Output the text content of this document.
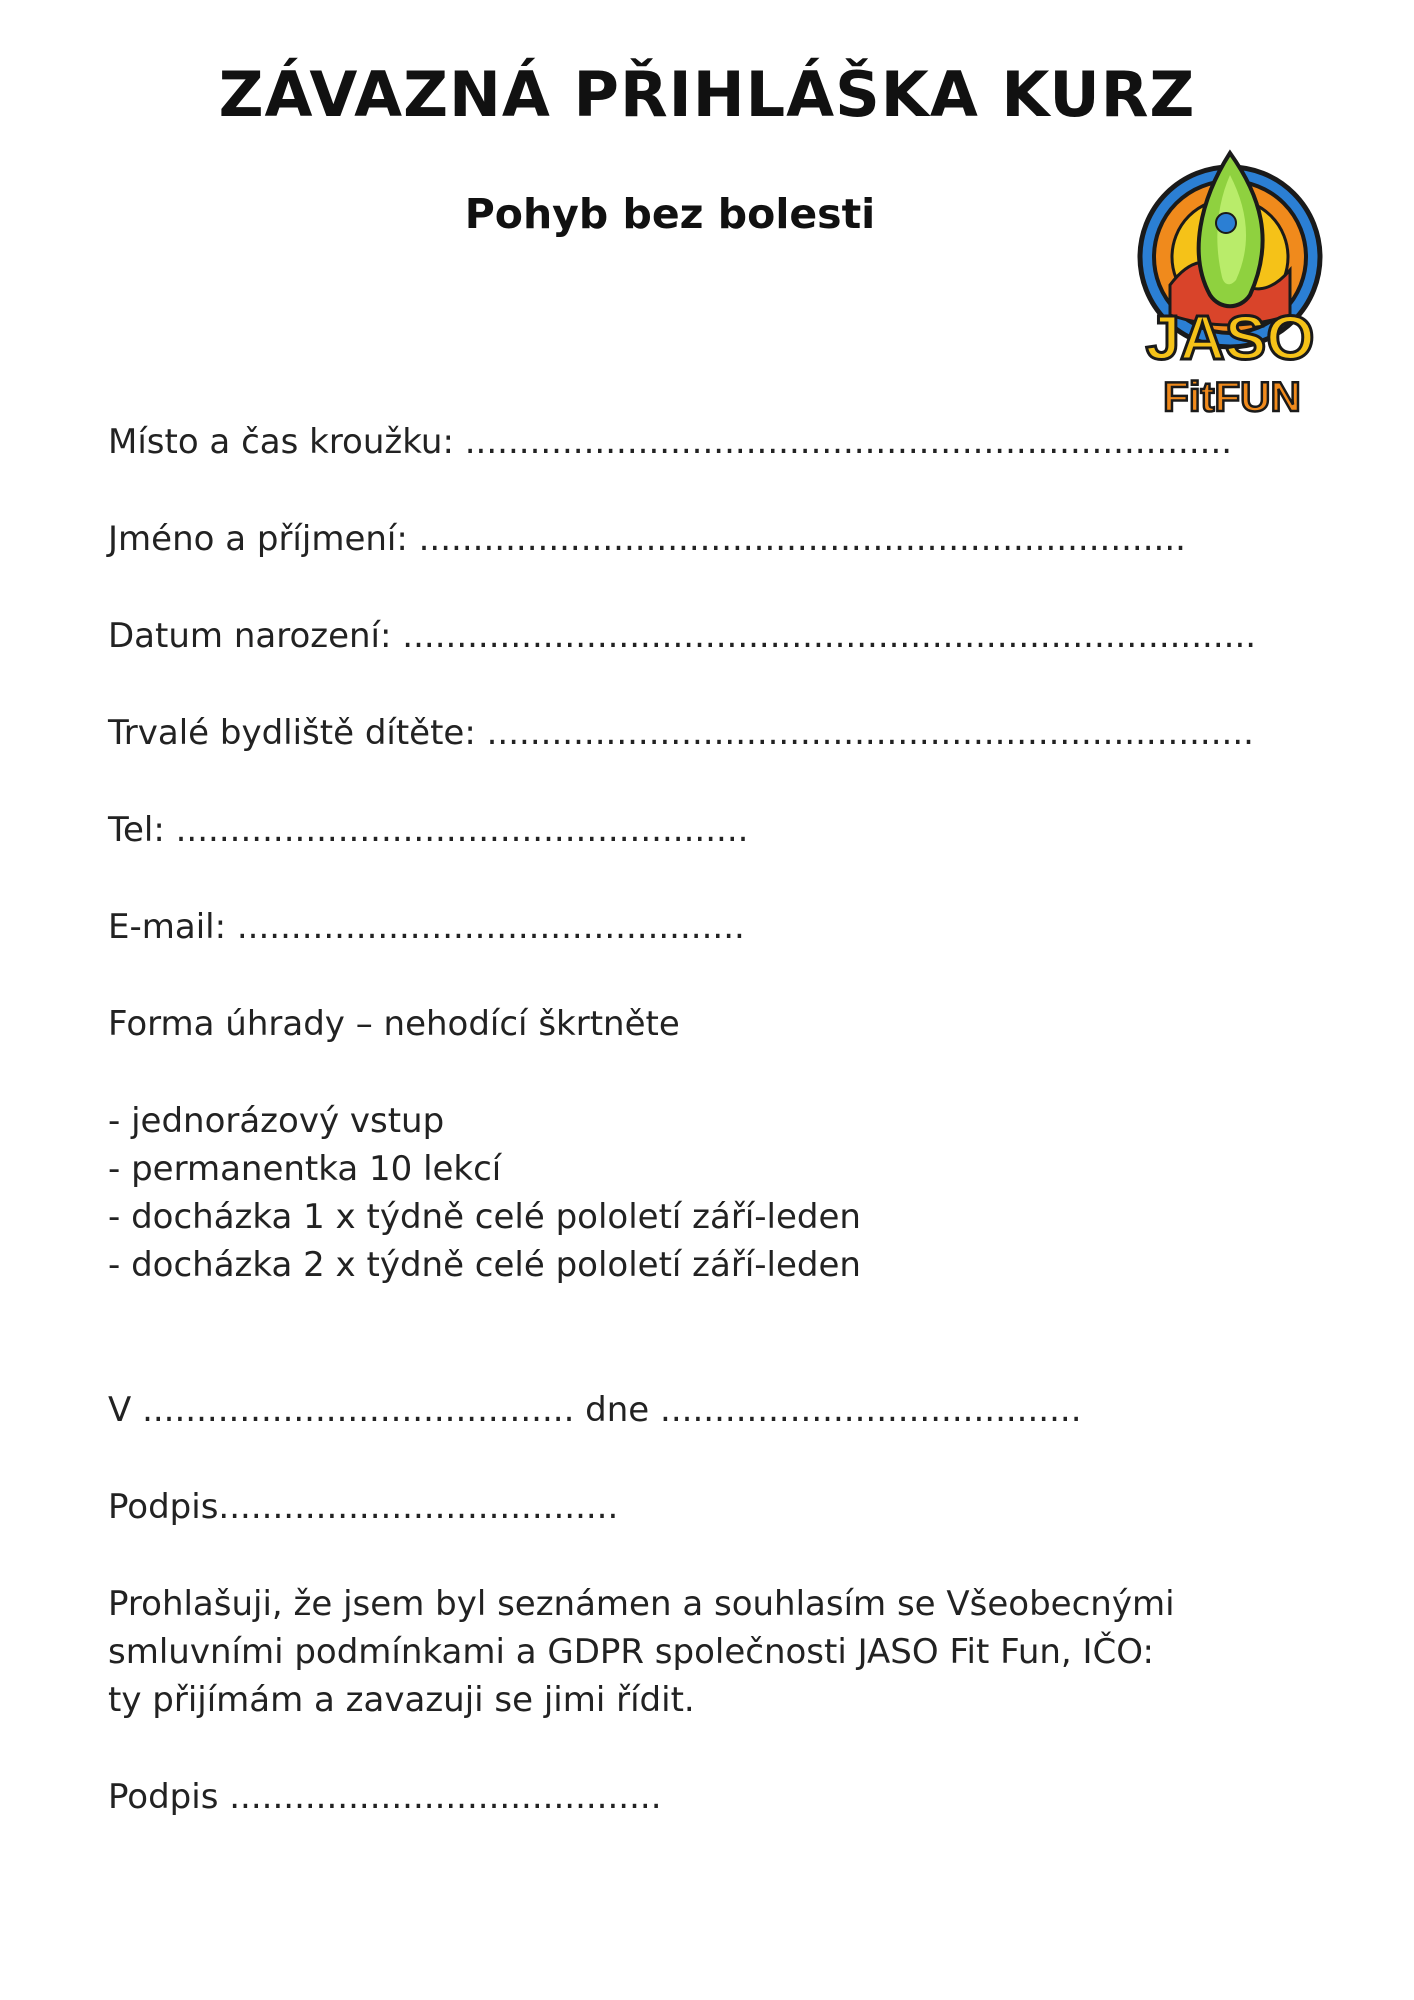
ZÁVAZNÁ PŘIHLÁŠKA KURZ
Pohyb bez bolesti
JASO
FitFUN
Místo a čas kroužku: .......................................................................
Jméno a příjmení: .......................................................................
Datum narození: ...............................................................................
Trvalé bydliště dítěte: .......................................................................
Tel: .....................................................
E-mail: ...............................................
Forma úhrady – nehodící škrtněte
- jednorázový vstup
- permanentka 10 lekcí
- docházka 1 x týdně celé pololetí září-leden
- docházka 2 x týdně celé pololetí září-leden
V ........................................ dne .......................................
Podpis.....................................
Prohlašuji, že jsem byl seznámen a souhlasím se Všeobecnými
smluvními podmínkami a GDPR společnosti JASO Fit Fun, IČO:
ty přijímám a zavazuji se jimi řídit.
Podpis ........................................
